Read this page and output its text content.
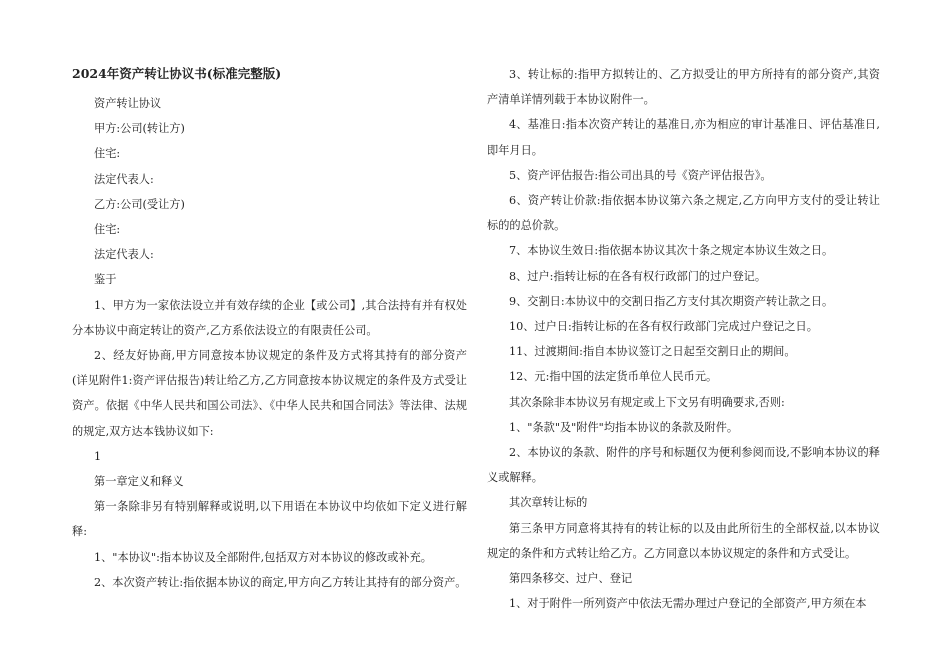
2024年资产转让协议书(标准完整版)

资产转让协议

甲方:公司(转让方)

住宅:

法定代表人:

乙方:公司(受让方)

住宅:

法定代表人:

鉴于

1、甲方为一家依法设立并有效存续的企业【或公司】,其合法持有并有权处分本协议中商定转让的资产,乙方系依法设立的有限责任公司。

2、经友好协商,甲方同意按本协议规定的条件及方式将其持有的部分资产(详见附件1:资产评估报告)转让给乙方,乙方同意按本协议规定的条件及方式受让资产。依据《中华人民共和国公司法》、《中华人民共和国合同法》等法律、法规的规定,双方达本钱协议如下:

1

第一章定义和释义

第一条除非另有特别解释或说明,以下用语在本协议中均依如下定义进行解释:

1、"本协议":指本协议及全部附件,包括双方对本协议的修改或补充。

2、本次资产转让:指依据本协议的商定,甲方向乙方转让其持有的部分资产。

3、转让标的:指甲方拟转让的、乙方拟受让的甲方所持有的部分资产,其资产清单详情列载于本协议附件一。

4、基准日:指本次资产转让的基准日,亦为相应的审计基准日、评估基准日,即年月日。

5、资产评估报告:指公司出具的号《资产评估报告》。

6、资产转让价款:指依据本协议第六条之规定,乙方向甲方支付的受让转让标的的总价款。

7、本协议生效日:指依据本协议其次十条之规定本协议生效之日。

8、过户:指转让标的在各有权行政部门的过户登记。

9、交割日:本协议中的交割日指乙方支付其次期资产转让款之日。

10、过户日:指转让标的在各有权行政部门完成过户登记之日。

11、过渡期间:指自本协议签订之日起至交割日止的期间。

12、元:指中国的法定货币单位人民币元。

其次条除非本协议另有规定或上下文另有明确要求,否则:

1、"条款"及"附件"均指本协议的条款及附件。

2、本协议的条款、附件的序号和标题仅为便利参阅而设,不影响本协议的释义或解释。

其次章转让标的

第三条甲方同意将其持有的转让标的以及由此所衍生的全部权益,以本协议规定的条件和方式转让给乙方。乙方同意以本协议规定的条件和方式受让。

第四条移交、过户、登记

1、对于附件一所列资产中依法无需办理过户登记的全部资产,甲方须在本
